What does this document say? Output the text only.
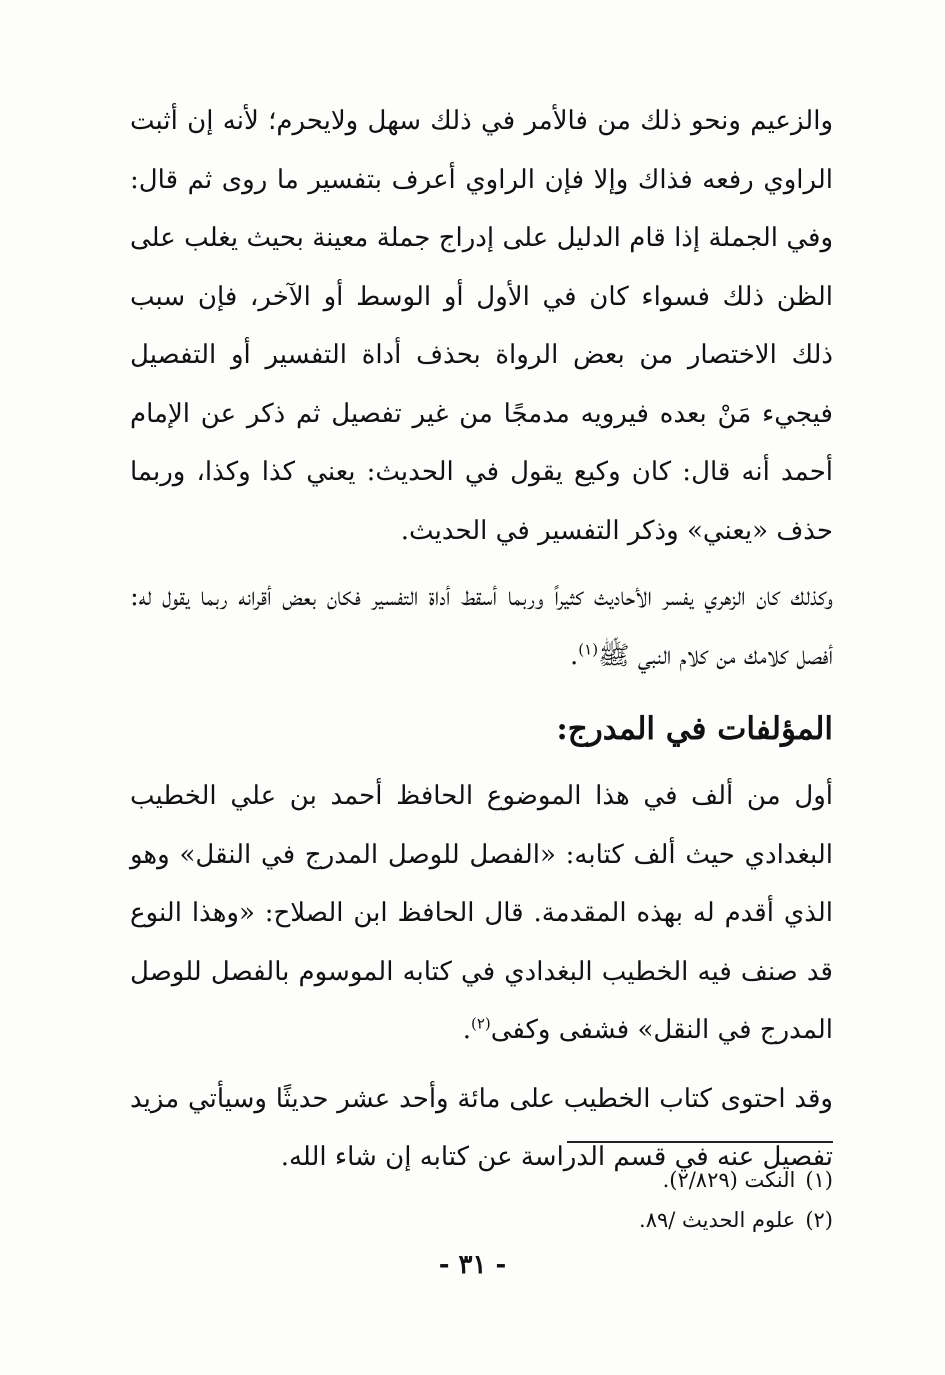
والزعيم ونحو ذلك من فالأمر في ذلك سهل ولايحرم؛ لأنه إن أثبت الراوي رفعه فذاك وإلا فإن الراوي أعرف بتفسير ما روى ثم قال: وفي الجملة إذا قام الدليل على إدراج جملة معينة بحيث يغلب على الظن ذلك فسواء كان في الأول أو الوسط أو الآخر، فإن سبب ذلك الاختصار من بعض الرواة بحذف أداة التفسير أو التفصيل فيجيء مَنْ بعده فيرويه مدمجًا من غير تفصيل ثم ذكر عن الإمام أحمد أنه قال: كان وكيع يقول في الحديث: يعني كذا وكذا، وربما حذف «يعني» وذكر التفسير في الحديث.

وكذلك كان الزهري يفسر الأحاديث كثيراً وربما أسقط أداة التفسير فكان بعض أقرانه ربما يقول له: أفصل كلامك من كلام النبي ﷺ$^{(١)}$.

المؤلفات في المدرج:

أول من ألف في هذا الموضوع الحافظ أحمد بن علي الخطيب البغدادي حيث ألف كتابه: «الفصل للوصل المدرج في النقل» وهو الذي أقدم له بهذه المقدمة. قال الحافظ ابن الصلاح: «وهذا النوع قد صنف فيه الخطيب البغدادي في كتابه الموسوم بالفصل للوصل المدرج في النقل» فشفى وكفى$^{(٢)}$.

وقد احتوى كتاب الخطيب على مائة وأحد عشر حديثًا وسيأتي مزيد تفصيل عنه في قسم الدراسة عن كتابه إن شاء الله.

(١)النكت (٢/٨٢٩).

(٢)علوم الحديث /٨٩.

- ٣١ -
